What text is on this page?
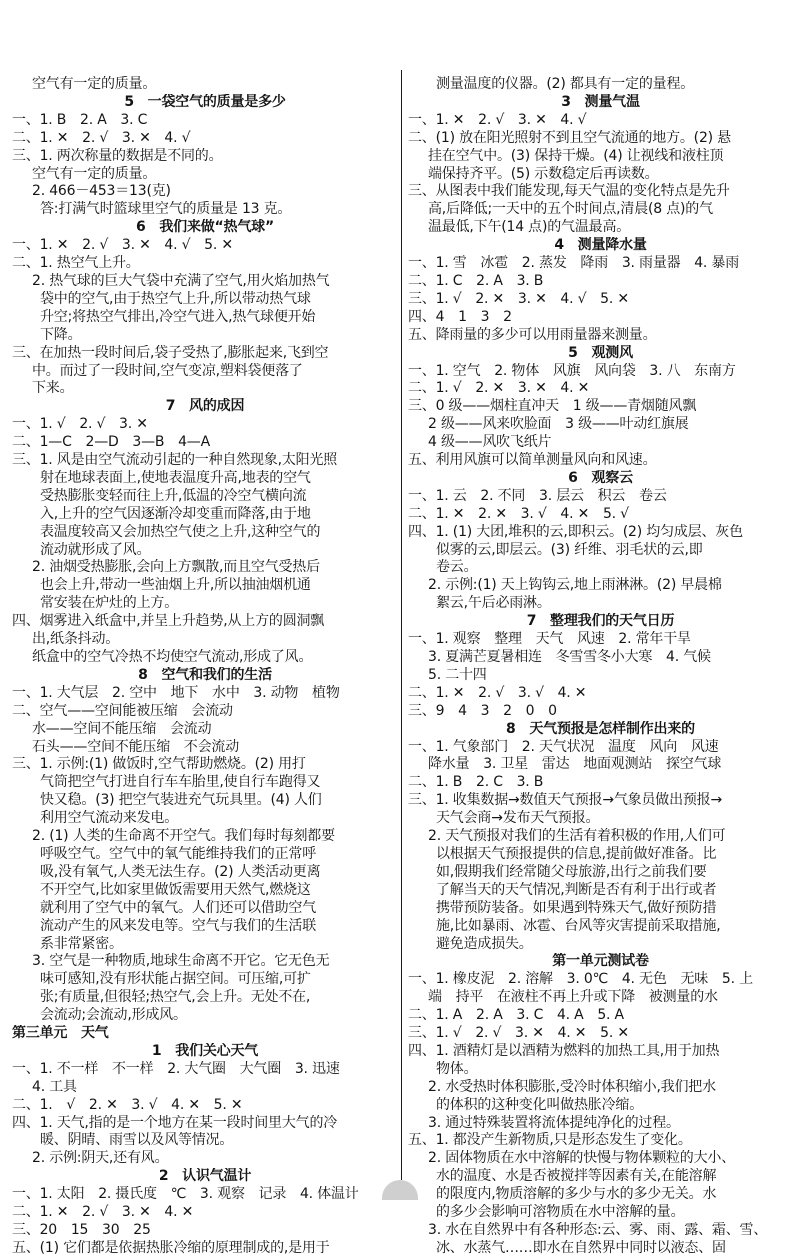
空气有一定的质量。
5　一袋空气的质量是多少
一、1. B　2. A　3. C
二、1. ✕　2. √　3. ✕　4. √
三、1. 两次称量的数据是不同的。
空气有一定的质量。
2. 466－453＝13(克)
答:打满气时篮球里空气的质量是 13 克。
6　我们来做“热气球”
一、1. ✕　2. √　3. ✕　4. √　5. ✕
二、1. 热空气上升。
2. 热气球的巨大气袋中充满了空气,用火焰加热气
袋中的空气,由于热空气上升,所以带动热气球
升空;将热空气排出,冷空气进入,热气球便开始
下降。
三、在加热一段时间后,袋子受热了,膨胀起来,飞到空
中。而过了一段时间,空气变凉,塑料袋便落了
下来。
7　风的成因
一、1. √　2. √　3. ✕
二、1—C　2—D　3—B　4—A
三、1. 风是由空气流动引起的一种自然现象,太阳光照
射在地球表面上,使地表温度升高,地表的空气
受热膨胀变轻而往上升,低温的冷空气横向流
入,上升的空气因逐渐冷却变重而降落,由于地
表温度较高又会加热空气使之上升,这种空气的
流动就形成了风。
2. 油烟受热膨胀,会向上方飘散,而且空气受热后
也会上升,带动一些油烟上升,所以抽油烟机通
常安装在炉灶的上方。
四、烟雾进入纸盒中,并呈上升趋势,从上方的圆洞飘
出,纸条抖动。
纸盒中的空气冷热不均使空气流动,形成了风。
8　空气和我们的生活
一、1. 大气层　2. 空中　地下　水中　3. 动物　植物
二、空气——空间能被压缩　会流动
水——空间不能压缩　会流动
石头——空间不能压缩　不会流动
三、1. 示例:(1) 做饭时,空气帮助燃烧。(2) 用打
气筒把空气打进自行车车胎里,使自行车跑得又
快又稳。(3) 把空气装进充气玩具里。(4) 人们
利用空气流动来发电。
2. (1) 人类的生命离不开空气。我们每时每刻都要
呼吸空气。空气中的氧气能维持我们的正常呼
吸,没有氧气,人类无法生存。(2) 人类活动更离
不开空气,比如家里做饭需要用天然气,燃烧这
就利用了空气中的氧气。人们还可以借助空气
流动产生的风来发电等。空气与我们的生活联
系非常紧密。
3. 空气是一种物质,地球生命离不开它。它无色无
味可感知,没有形状能占据空间。可压缩,可扩
张;有质量,但很轻;热空气,会上升。无处不在,
会流动;会流动,形成风。
第三单元　天气
1　我们关心天气
一、1. 不一样　不一样　2. 大气圈　大气圈　3. 迅速
4. 工具
二、1.　√　2. ✕　3. √　4. ✕　5. ✕
四、1. 天气,指的是一个地方在某一段时间里大气的冷
暖、阴晴、雨雪以及风等情况。
2. 示例:阴天,还有风。
2　认识气温计
一、1. 太阳　2. 摄氏度　℃　3. 观察　记录　4. 体温计
二、1. ✕　2. √　3. ✕　4. ✕
三、20　15　30　25
五、(1) 它们都是依据热胀冷缩的原理制成的,是用于
测量温度的仪器。(2) 都具有一定的量程。
3　测量气温
一、1. ✕　2. √　3. ✕　4. √
二、(1) 放在阳光照射不到且空气流通的地方。(2) 悬
挂在空气中。(3) 保持干燥。(4) 让视线和液柱顶
端保持齐平。(5) 示数稳定后再读数。
三、从图表中我们能发现,每天气温的变化特点是先升
高,后降低;一天中的五个时间点,清晨(8 点)的气
温最低,下午(14 点)的气温最高。
4　测量降水量
一、1. 雪　冰雹　2. 蒸发　降雨　3. 雨量器　4. 暴雨
二、1. C　2. A　3. B
三、1. √　2. ✕　3. ✕　4. √　5. ✕
四、4　1　3　2
五、降雨量的多少可以用雨量器来测量。
5　观测风
一、1. 空气　2. 物体　风旗　风向袋　3. 八　东南方
二、1. √　2. ✕　3. ✕　4. ✕
三、0 级——烟柱直冲天　1 级——青烟随风飘
2 级——风来吹脸面　3 级——叶动红旗展
4 级——风吹飞纸片
五、利用风旗可以简单测量风向和风速。
6　观察云
一、1. 云　2. 不同　3. 层云　积云　卷云
二、1. ✕　2. ✕　3. √　4. ✕　5. √
四、1. (1) 大团,堆积的云,即积云。(2) 均匀成层、灰色
似雾的云,即层云。(3) 纤维、羽毛状的云,即
卷云。
2. 示例:(1) 天上钩钩云,地上雨淋淋。(2) 早晨棉
絮云,午后必雨淋。
7　整理我们的天气日历
一、1. 观察　整理　天气　风速　2. 常年干旱
3. 夏满芒夏暑相连　冬雪雪冬小大寒　4. 气候
5. 二十四
二、1. ✕　2. √　3. √　4. ✕
三、9　4　3　2　0　0
8　天气预报是怎样制作出来的
一、1. 气象部门　2. 天气状况　温度　风向　风速
降水量　3. 卫星　雷达　地面观测站　探空气球
二、1. B　2. C　3. B
三、1. 收集数据→数值天气预报→气象员做出预报→
天气会商→发布天气预报。
2. 天气预报对我们的生活有着积极的作用,人们可
以根据天气预报提供的信息,提前做好准备。比
如,假期我们经常随父母旅游,出行之前我们要
了解当天的天气情况,判断是否有利于出行或者
携带预防装备。如果遇到特殊天气,做好预防措
施,比如暴雨、冰雹、台风等灾害提前采取措施,
避免造成损失。
第一单元测试卷
一、1. 橡皮泥　2. 溶解　3. 0℃　4. 无色　无味　5. 上
端　持平　在液柱不再上升或下降　被测量的水
二、1. A　2. A　3. C　4. A　5. A
三、1. √　2. √　3. ✕　4. ✕　5. ✕
四、1. 酒精灯是以酒精为燃料的加热工具,用于加热
物体。
2. 水受热时体积膨胀,受冷时体积缩小,我们把水
的体积的这种变化叫做热胀冷缩。
3. 通过特殊装置将流体提纯净化的过程。
五、1. 都没产生新物质,只是形态发生了变化。
2. 固体物质在水中溶解的快慢与物体颗粒的大小、
水的温度、水是否被搅拌等因素有关,在能溶解
的限度内,物质溶解的多少与水的多少无关。水
的多少会影响可溶物质在水中溶解的量。
3. 水在自然界中有各种形态:云、雾、雨、露、霜、雪、
冰、水蒸气……即水在自然界中同时以液态、固
